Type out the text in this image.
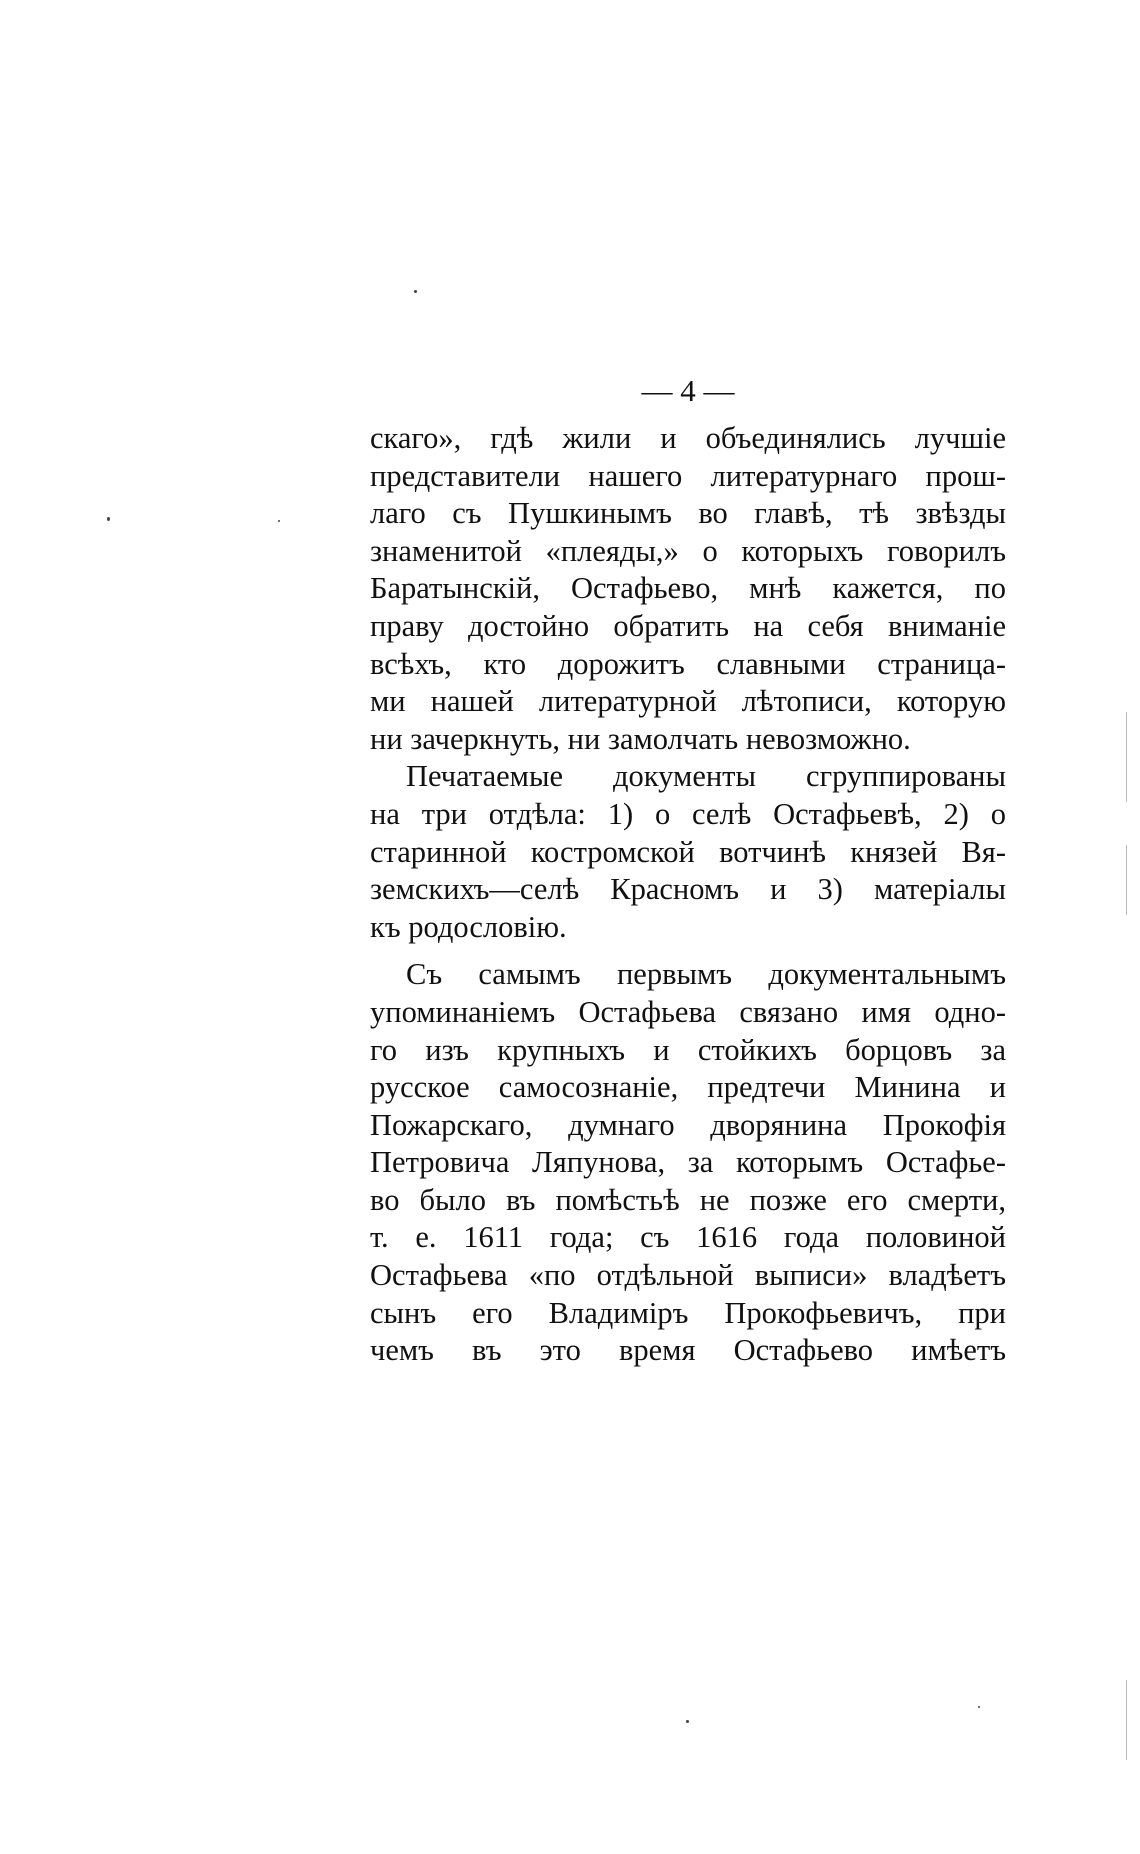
— 4 —
скаго», гдѣ жили и объединялись лучшіе
представители нашего литературнаго прош-
лаго съ Пушкинымъ во главѣ, тѣ звѣзды
знаменитой «плеяды,» о которыхъ говорилъ
Баратынскій, Остафьево, мнѣ кажется, по
праву достойно обратить на себя вниманіе
всѣхъ, кто дорожитъ славными страница-
ми нашей литературной лѣтописи, которую
ни зачеркнуть, ни замолчать невозможно.
Печатаемые документы сгруппированы
на три отдѣла: 1) о селѣ Остафьевѣ, 2) о
старинной костромской вотчинѣ князей Вя-
земскихъ—селѣ Красномъ и 3) матеріалы
къ родословію.
Съ самымъ первымъ документальнымъ
упоминаніемъ Остафьева связано имя одно-
го изъ крупныхъ и стойкихъ борцовъ за
русское самосознаніе, предтечи Минина и
Пожарскаго, думнаго дворянина Прокофія
Петровича Ляпунова, за которымъ Остафье-
во было въ помѣстьѣ не позже его смерти,
т. е. 1611 года; съ 1616 года половиной
Остафьева «по отдѣльной выписи» владѣетъ
сынъ его Владиміръ Прокофьевичъ, при
чемъ въ это время Остафьево имѣетъ
